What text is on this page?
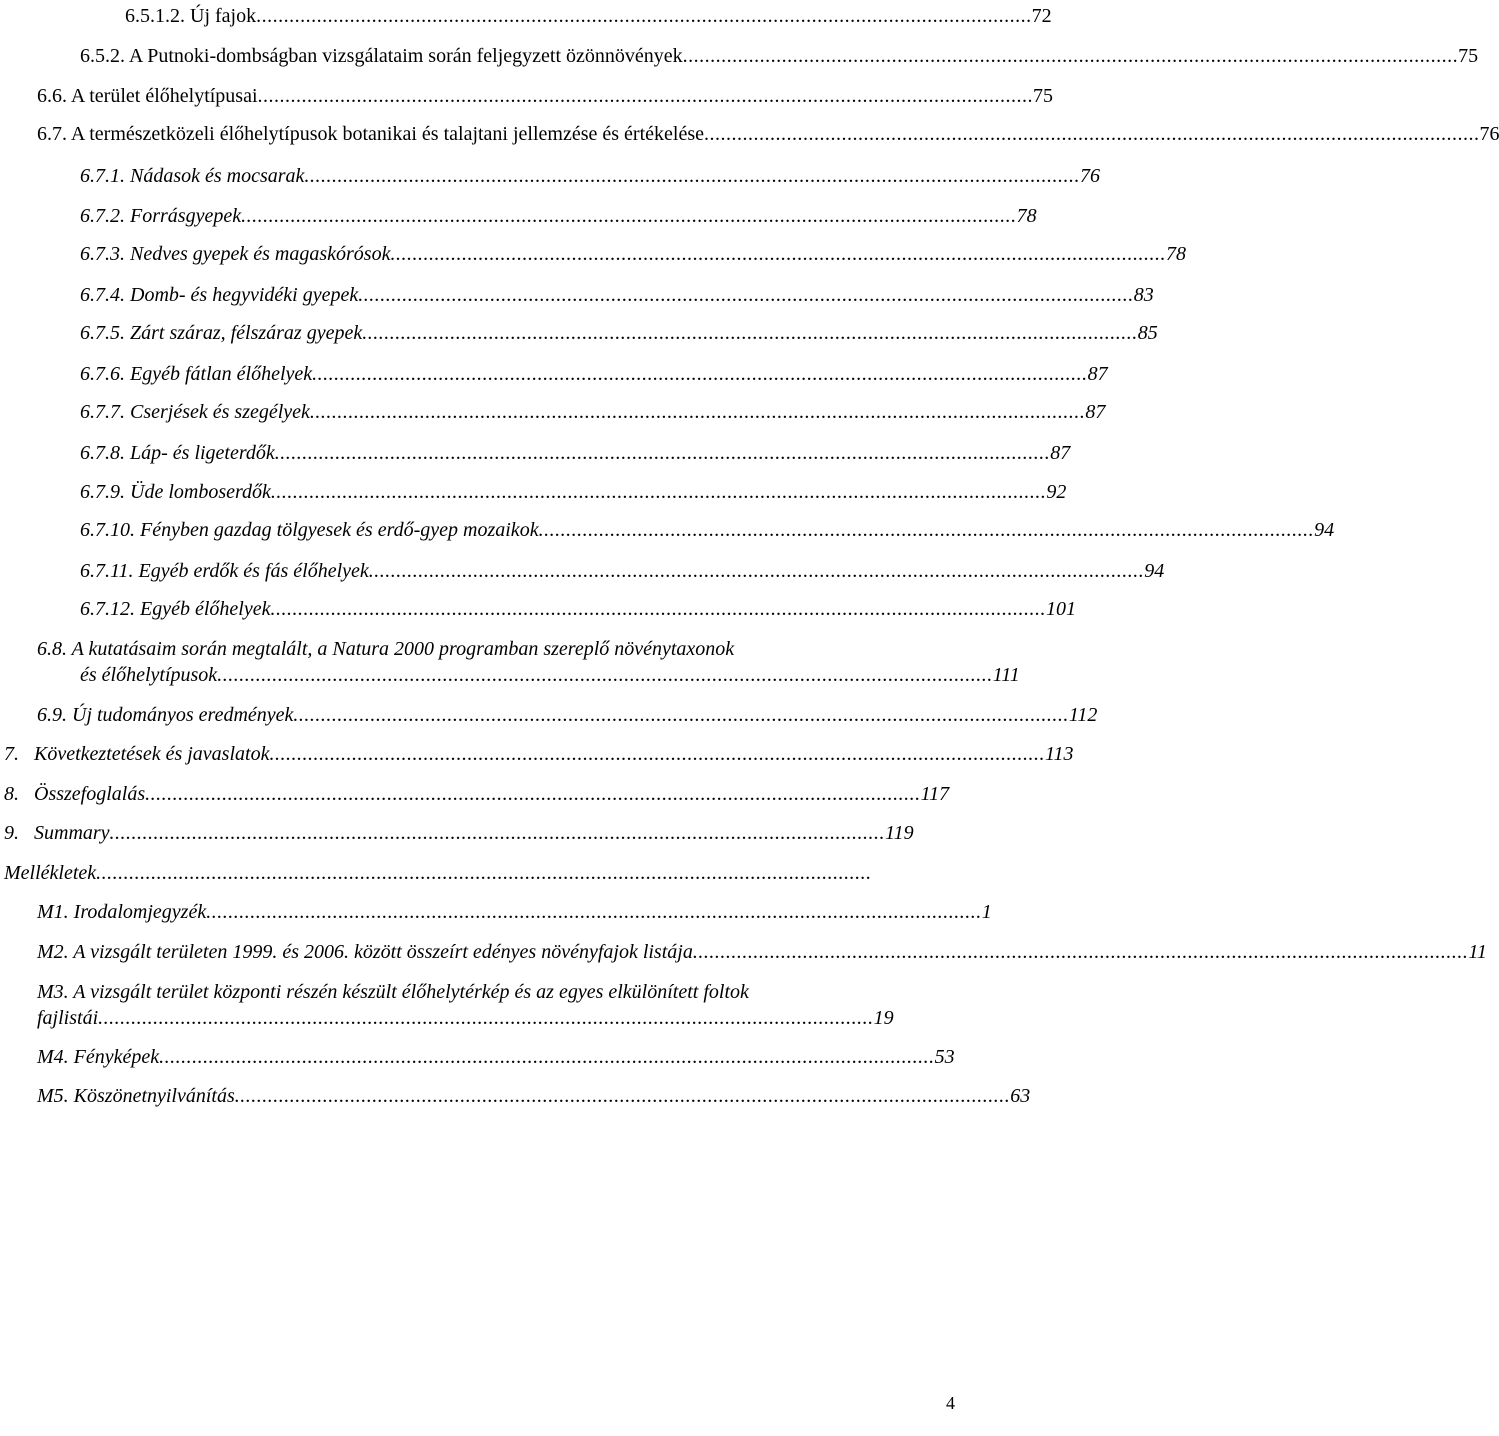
6.5.1.2. Új fajok ............................................................................................................................................. 72
6.5.2. A Putnoki-dombságban vizsgálataim során feljegyzett özönnövények ............................................................................................................................................. 75
6.6. A terület élőhelytípusai ............................................................................................................................................. 75
6.7. A természetközeli élőhelytípusok botanikai és talajtani jellemzése és értékelése ............................................................................................................................................. 76
6.7.1. Nádasok és mocsarak ............................................................................................................................................. 76
6.7.2. Forrásgyepek ............................................................................................................................................. 78
6.7.3. Nedves gyepek és magaskórósok ............................................................................................................................................. 78
6.7.4. Domb- és hegyvidéki gyepek ............................................................................................................................................. 83
6.7.5. Zárt száraz, félszáraz gyepek ............................................................................................................................................. 85
6.7.6. Egyéb fátlan élőhelyek ............................................................................................................................................. 87
6.7.7. Cserjések és szegélyek ............................................................................................................................................. 87
6.7.8. Láp- és ligeterdők ............................................................................................................................................. 87
6.7.9. Üde lomboserdők ............................................................................................................................................. 92
6.7.10. Fényben gazdag tölgyesek és erdő-gyep mozaikok ............................................................................................................................................. 94
6.7.11. Egyéb erdők és fás élőhelyek ............................................................................................................................................. 94
6.7.12. Egyéb élőhelyek ............................................................................................................................................. 101
6.8. A kutatásaim során megtalált, a Natura 2000 programban szereplő növénytaxonok
és élőhelytípusok ............................................................................................................................................. 111
6.9. Új tudományos eredmények ............................................................................................................................................. 112
7.   Következtetések és javaslatok ............................................................................................................................................. 113
8.   Összefoglalás ............................................................................................................................................. 117
9.   Summary ............................................................................................................................................. 119
Mellékletek .............................................................................................................................................
M1. Irodalomjegyzék ............................................................................................................................................. 1
M2. A vizsgált területen 1999. és 2006. között összeírt edényes növényfajok listája ............................................................................................................................................. 11
M3. A vizsgált terület központi részén készült élőhelytérkép és az egyes elkülönített foltok
fajlistái ............................................................................................................................................. 19
M4. Fényképek ............................................................................................................................................. 53
M5. Köszönetnyilvánítás ............................................................................................................................................. 63
4
